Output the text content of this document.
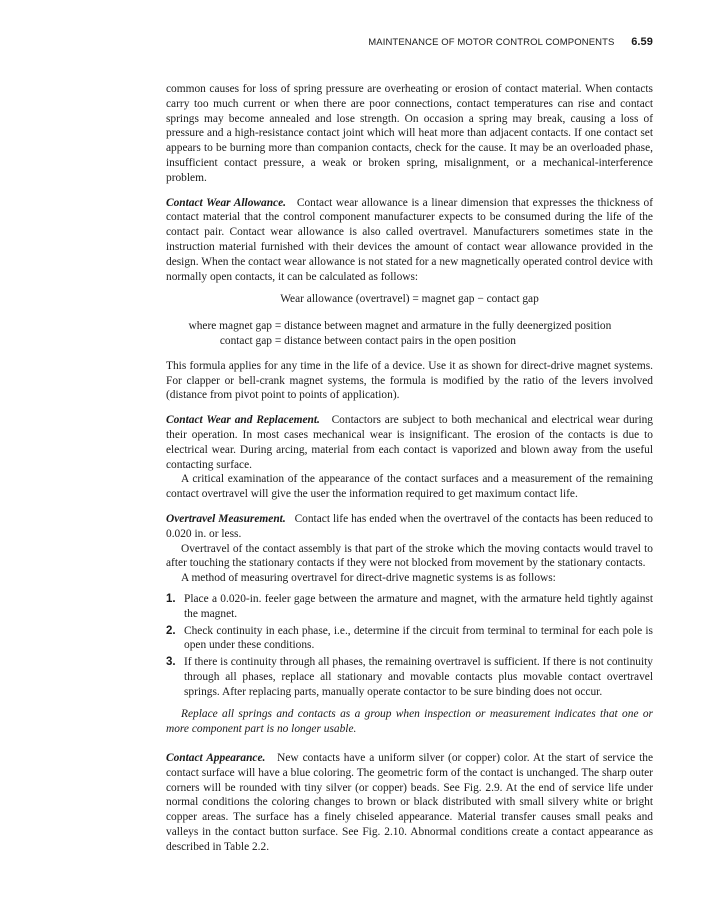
MAINTENANCE OF MOTOR CONTROL COMPONENTS 6.59

common causes for loss of spring pressure are overheating or erosion of contact material. When contacts carry too much current or when there are poor connections, contact temperatures can rise and contact springs may become annealed and lose strength. On occasion a spring may break, causing a loss of pressure and a high-resistance contact joint which will heat more than adjacent contacts. If one contact set appears to be burning more than companion contacts, check for the cause. It may be an overloaded phase, insufficient contact pressure, a weak or broken spring, misalignment, or a mechanical-interference problem.

Contact Wear Allowance. Contact wear allowance is a linear dimension that expresses the thickness of contact material that the control component manufacturer expects to be consumed during the life of the contact pair. Contact wear allowance is also called overtravel. Manufacturers sometimes state in the instruction material furnished with their devices the amount of contact wear allowance provided in the design. When the contact wear allowance is not stated for a new magnetically operated control device with normally open contacts, it can be calculated as follows:

Wear allowance (overtravel) = magnet gap − contact gap

where magnet gap = distance between magnet and armature in the fully deenergized position
contact gap = distance between contact pairs in the open position

This formula applies for any time in the life of a device. Use it as shown for direct-drive magnet systems. For clapper or bell-crank magnet systems, the formula is modified by the ratio of the levers involved (distance from pivot point to points of application).

Contact Wear and Replacement. Contactors are subject to both mechanical and electrical wear during their operation. In most cases mechanical wear is insignificant. The erosion of the contacts is due to electrical wear. During arcing, material from each contact is vaporized and blown away from the useful contacting surface.

A critical examination of the appearance of the contact surfaces and a measurement of the remaining contact overtravel will give the user the information required to get maximum contact life.

Overtravel Measurement. Contact life has ended when the overtravel of the contacts has been reduced to 0.020 in. or less.

Overtravel of the contact assembly is that part of the stroke which the moving contacts would travel to after touching the stationary contacts if they were not blocked from movement by the stationary contacts.

A method of measuring overtravel for direct-drive magnetic systems is as follows:

1. Place a 0.020-in. feeler gage between the armature and magnet, with the armature held tightly against the magnet.
2. Check continuity in each phase, i.e., determine if the circuit from terminal to terminal for each pole is open under these conditions.
3. If there is continuity through all phases, the remaining overtravel is sufficient. If there is not continuity through all phases, replace all stationary and movable contacts plus movable contact overtravel springs. After replacing parts, manually operate contactor to be sure binding does not occur.

Replace all springs and contacts as a group when inspection or measurement indicates that one or more component part is no longer usable.

Contact Appearance. New contacts have a uniform silver (or copper) color. At the start of service the contact surface will have a blue coloring. The geometric form of the contact is unchanged. The sharp outer corners will be rounded with tiny silver (or copper) beads. See Fig. 2.9. At the end of service life under normal conditions the coloring changes to brown or black distributed with small silvery white or bright copper areas. The surface has a finely chiseled appearance. Material transfer causes small peaks and valleys in the contact button surface. See Fig. 2.10. Abnormal conditions create a contact appearance as described in Table 2.2.
